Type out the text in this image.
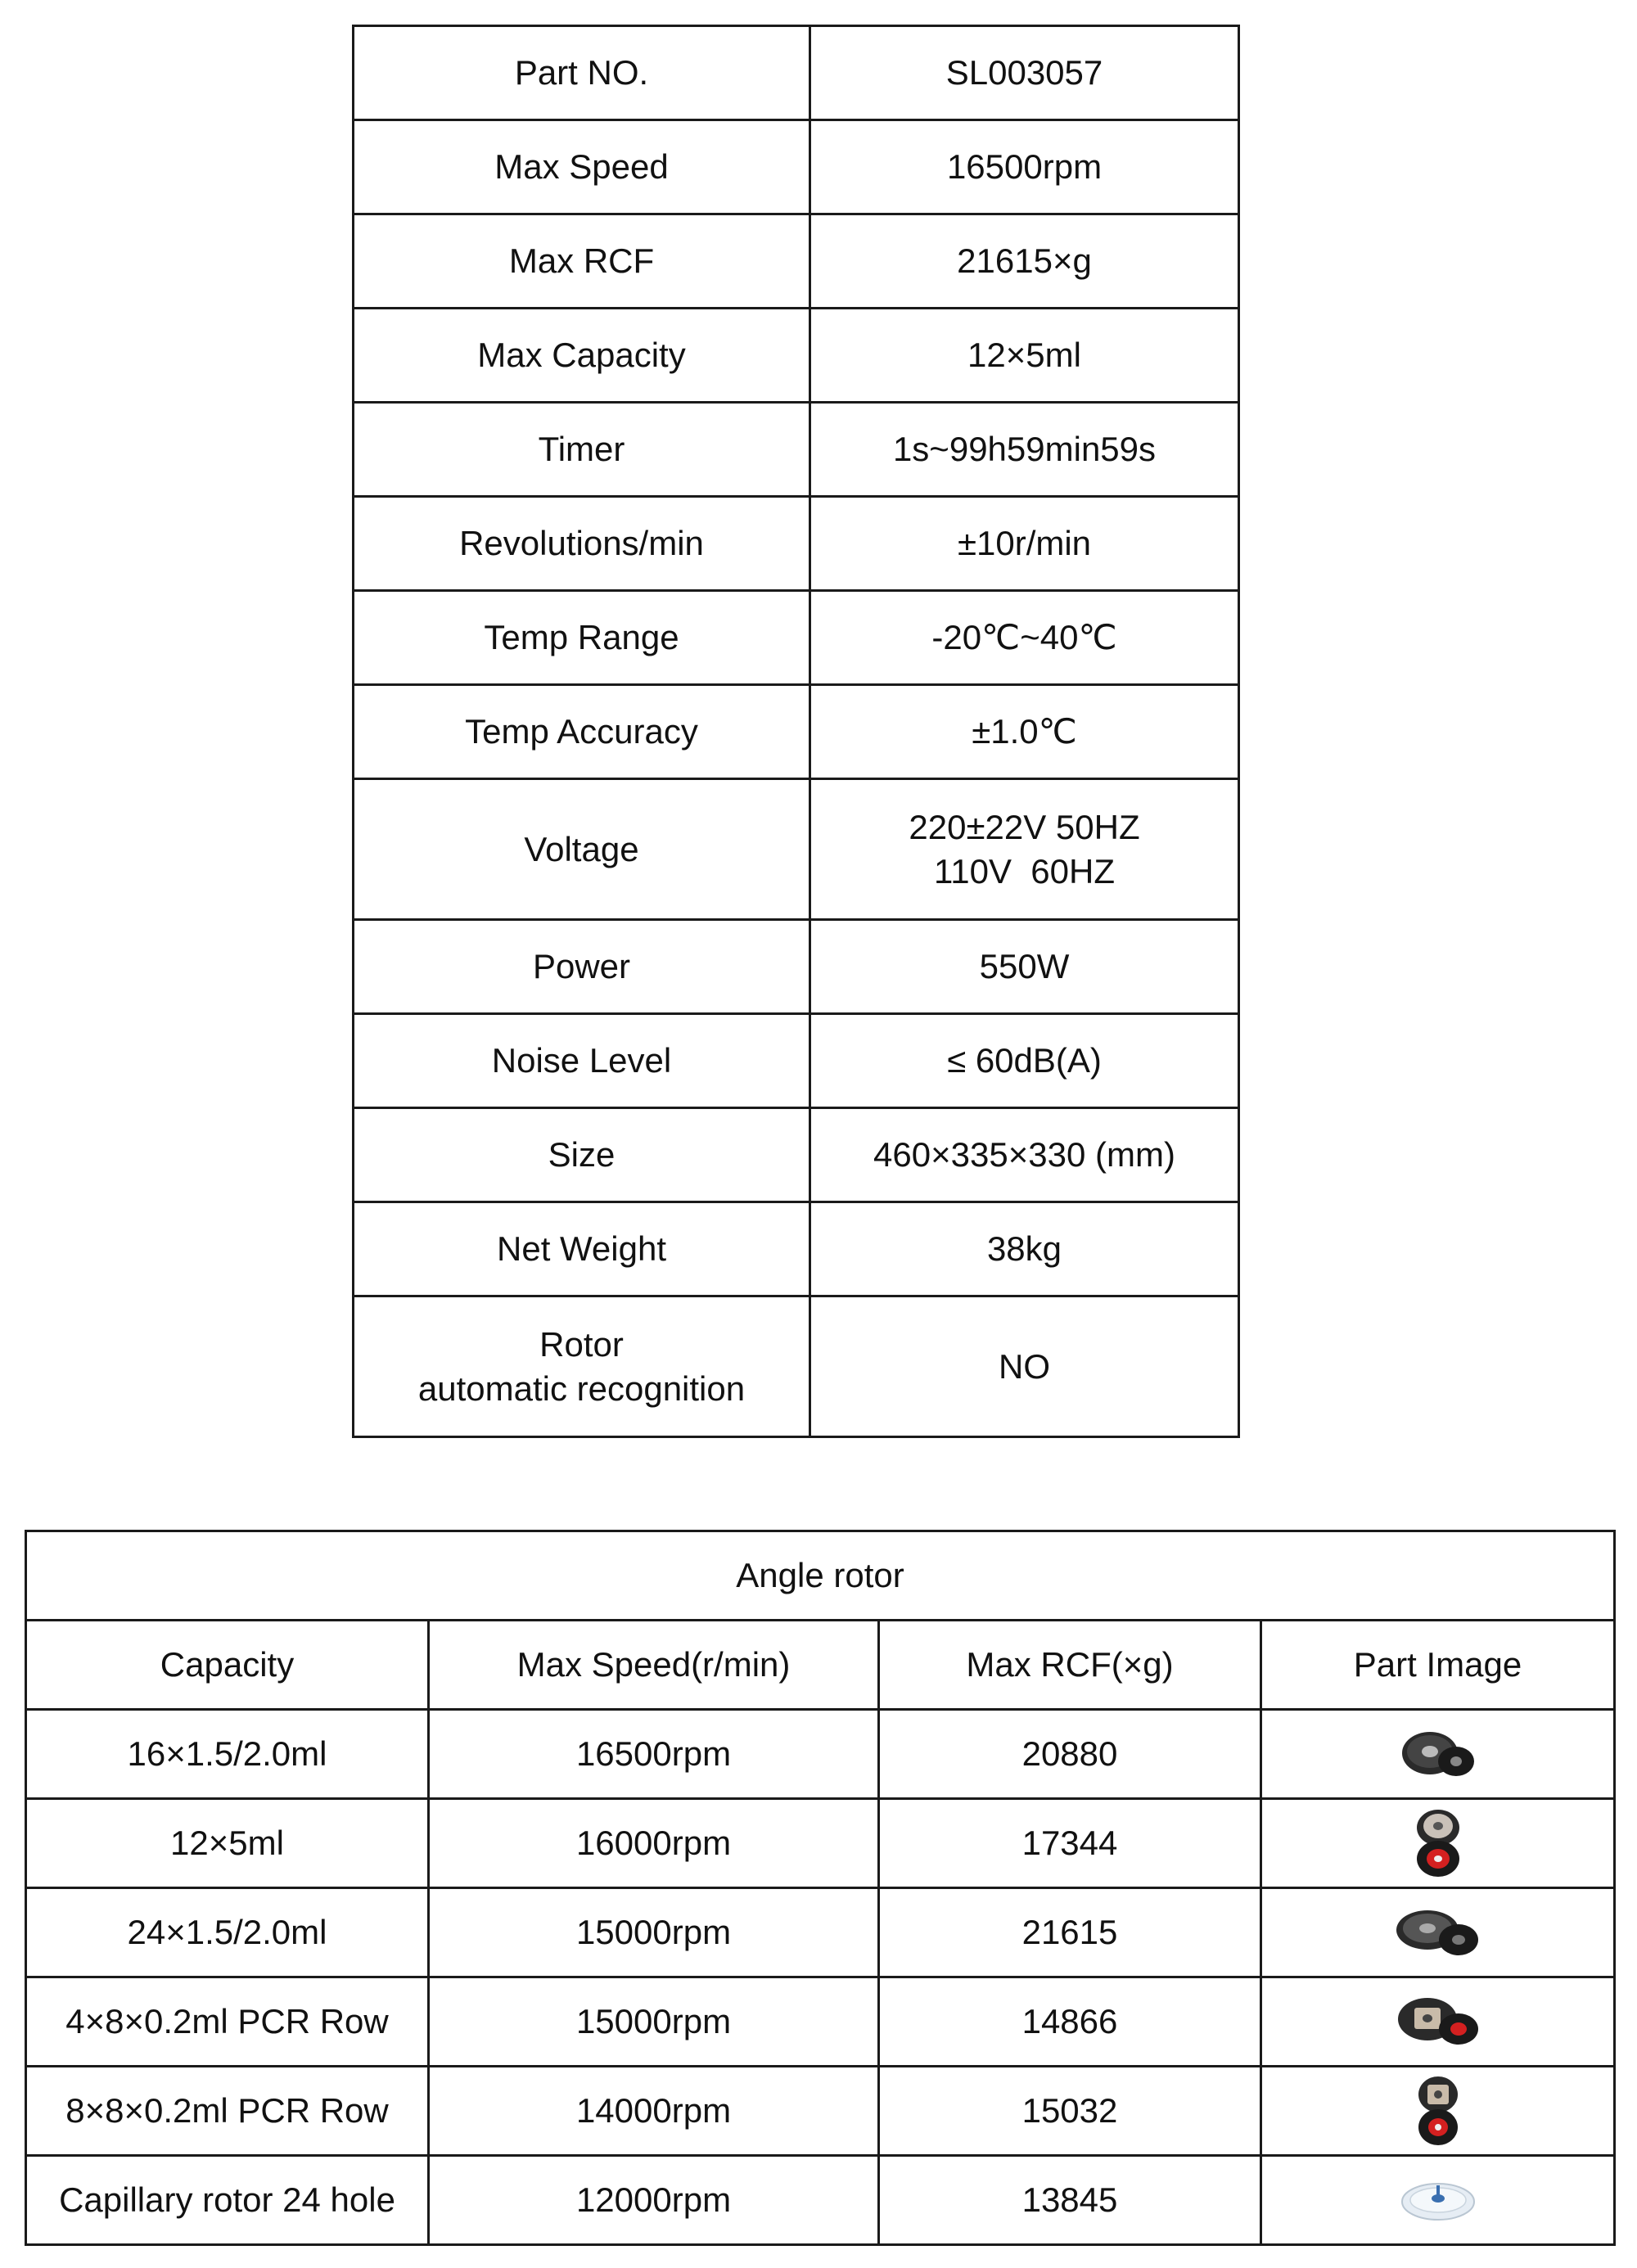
Part NO.	SL003057
Max Speed	16500rpm
Max RCF	21615×g
Max Capacity	12×5ml
Timer	1s~99h59min59s
Revolutions/min	±10r/min
Temp Range	-20℃~40℃
Temp Accuracy	±1.0℃
Voltage	220±22V 50HZ
110V  60HZ

Power	550W
Noise Level	≤ 60dB(A)
Size	460×335×330 (mm)
Net Weight	38kg

Rotor
automatic recognition	NO
Angle rotor			
Capacity	Max Speed(r/min)	Max RCF(×g)	Part Image
16×1.5/2.0ml	16500rpm	20880	

12×5ml	16000rpm	17344	

24×1.5/2.0ml	15000rpm	21615	

4×8×0.2ml PCR Row	15000rpm	14866	

8×8×0.2ml PCR Row	14000rpm	15032	

Capillary rotor 24 hole	12000rpm	13845	
